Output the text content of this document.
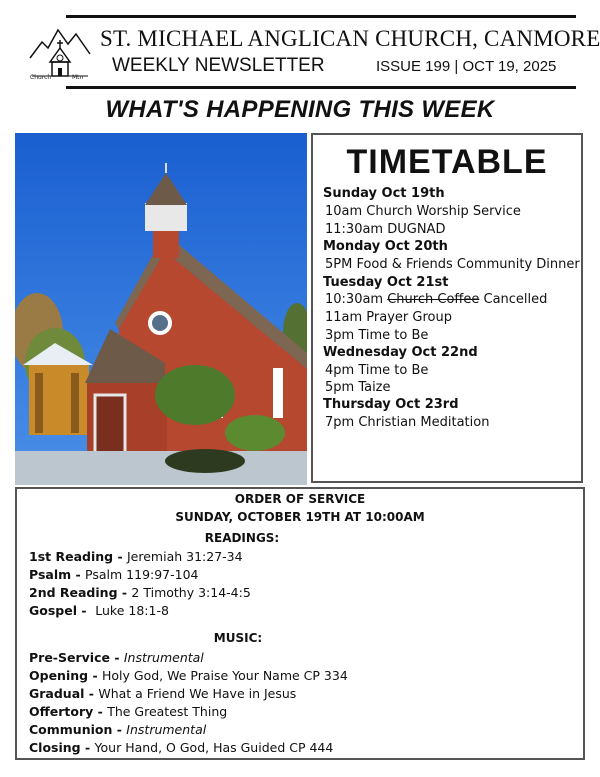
Church	Mtn
ST. MICHAEL ANGLICAN CHURCH, CANMORE
WEEKLY NEWSLETTER	ISSUE 199 | OCT 19, 2025
WHAT'S HAPPENING THIS WEEK
TIMETABLE
Sunday Oct 19th
10am Church Worship Service
11:30am DUGNAD
Monday Oct 20th
5PM Food & Friends Community Dinner
Tuesday Oct 21st
10:30am Church Coffee Cancelled
11am Prayer Group
3pm Time to Be
Wednesday Oct 22nd
4pm Time to Be
5pm Taize
Thursday Oct 23rd
7pm Christian Meditation
ORDER OF SERVICE
SUNDAY, OCTOBER 19TH AT 10:00AM
READINGS:
1st Reading - Jeremiah 31:27-34
Psalm - Psalm 119:97-104
2nd Reading - 2 Timothy 3:14-4:5
Gospel -  Luke 18:1-8
MUSIC:
Pre-Service - Instrumental
Opening - Holy God, We Praise Your Name CP 334
Gradual - What a Friend We Have in Jesus
Offertory - The Greatest Thing
Communion - Instrumental
Closing - Your Hand, O God, Has Guided CP 444
